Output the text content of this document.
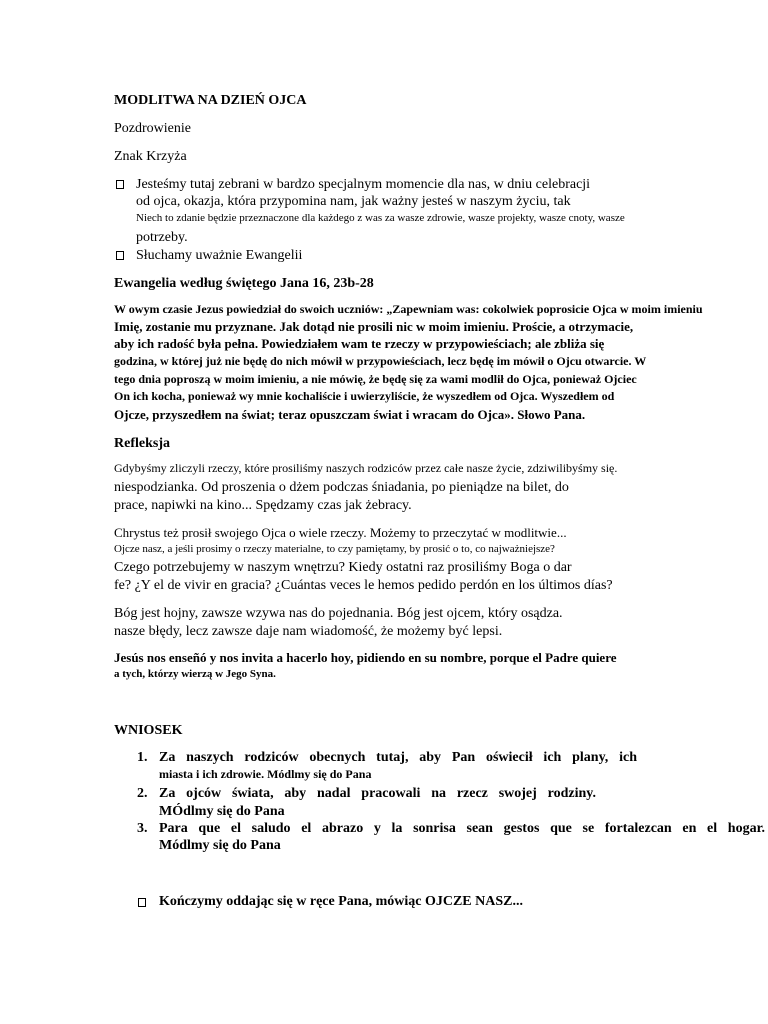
MODLITWA NA DZIEŃ OJCA
Pozdrowienie
Znak Krzyża
Jesteśmy tutaj zebrani w bardzo specjalnym momencie dla nas, w dniu celebracji
od ojca, okazja, która przypomina nam, jak ważny jesteś w naszym życiu, tak
Niech to zdanie będzie przeznaczone dla każdego z was za wasze zdrowie, wasze projekty, wasze cnoty, wasze
potrzeby.
Słuchamy uważnie Ewangelii
Ewangelia według świętego Jana 16, 23b-28
W owym czasie Jezus powiedział do swoich uczniów: „Zapewniam was: cokolwiek poprosicie Ojca w moim imieniu
Imię, zostanie mu przyznane. Jak dotąd nie prosili nic w moim imieniu. Proście, a otrzymacie,
aby ich radość była pełna. Powiedziałem wam te rzeczy w przypowieściach; ale zbliża się
godzina, w której już nie będę do nich mówił w przypowieściach, lecz będę im mówił o Ojcu otwarcie. W
tego dnia poproszą w moim imieniu, a nie mówię, że będę się za wami modlił do Ojca, ponieważ Ojciec
On ich kocha, ponieważ wy mnie kochaliście i uwierzyliście, że wyszedłem od Ojca. Wyszedłem od
Ojcze, przyszedłem na świat; teraz opuszczam świat i wracam do Ojca». Słowo Pana.
Refleksja
Gdybyśmy zliczyli rzeczy, które prosiliśmy naszych rodziców przez całe nasze życie, zdziwilibyśmy się.
niespodzianka. Od proszenia o dżem podczas śniadania, po pieniądze na bilet, do
prace, napiwki na kino... Spędzamy czas jak żebracy.
Chrystus też prosił swojego Ojca o wiele rzeczy. Możemy to przeczytać w modlitwie...
Ojcze nasz, a jeśli prosimy o rzeczy materialne, to czy pamiętamy, by prosić o to, co najważniejsze?
Czego potrzebujemy w naszym wnętrzu? Kiedy ostatni raz prosiliśmy Boga o dar
fe? ¿Y el de vivir en gracia? ¿Cuántas veces le hemos pedido perdón en los últimos días?
Bóg jest hojny, zawsze wzywa nas do pojednania. Bóg jest ojcem, który osądza.
nasze błędy, lecz zawsze daje nam wiadomość, że możemy być lepsi.
Jesús nos enseñó y nos invita a hacerlo hoy, pidiendo en su nombre, porque el Padre quiere
a tych, którzy wierzą w Jego Syna.
WNIOSEK
1. Za naszych rodziców obecnych tutaj, aby Pan oświecił ich plany, ich
miasta i ich zdrowie. Módlmy się do Pana
2. Za ojców świata, aby nadal pracowali na rzecz swojej rodziny.
MÓdlmy się do Pana
3. Para que el saludo el abrazo y la sonrisa sean gestos que se fortalezcan en el hogar.
Módlmy się do Pana
Kończymy oddając się w ręce Pana, mówiąc OJCZE NASZ...
